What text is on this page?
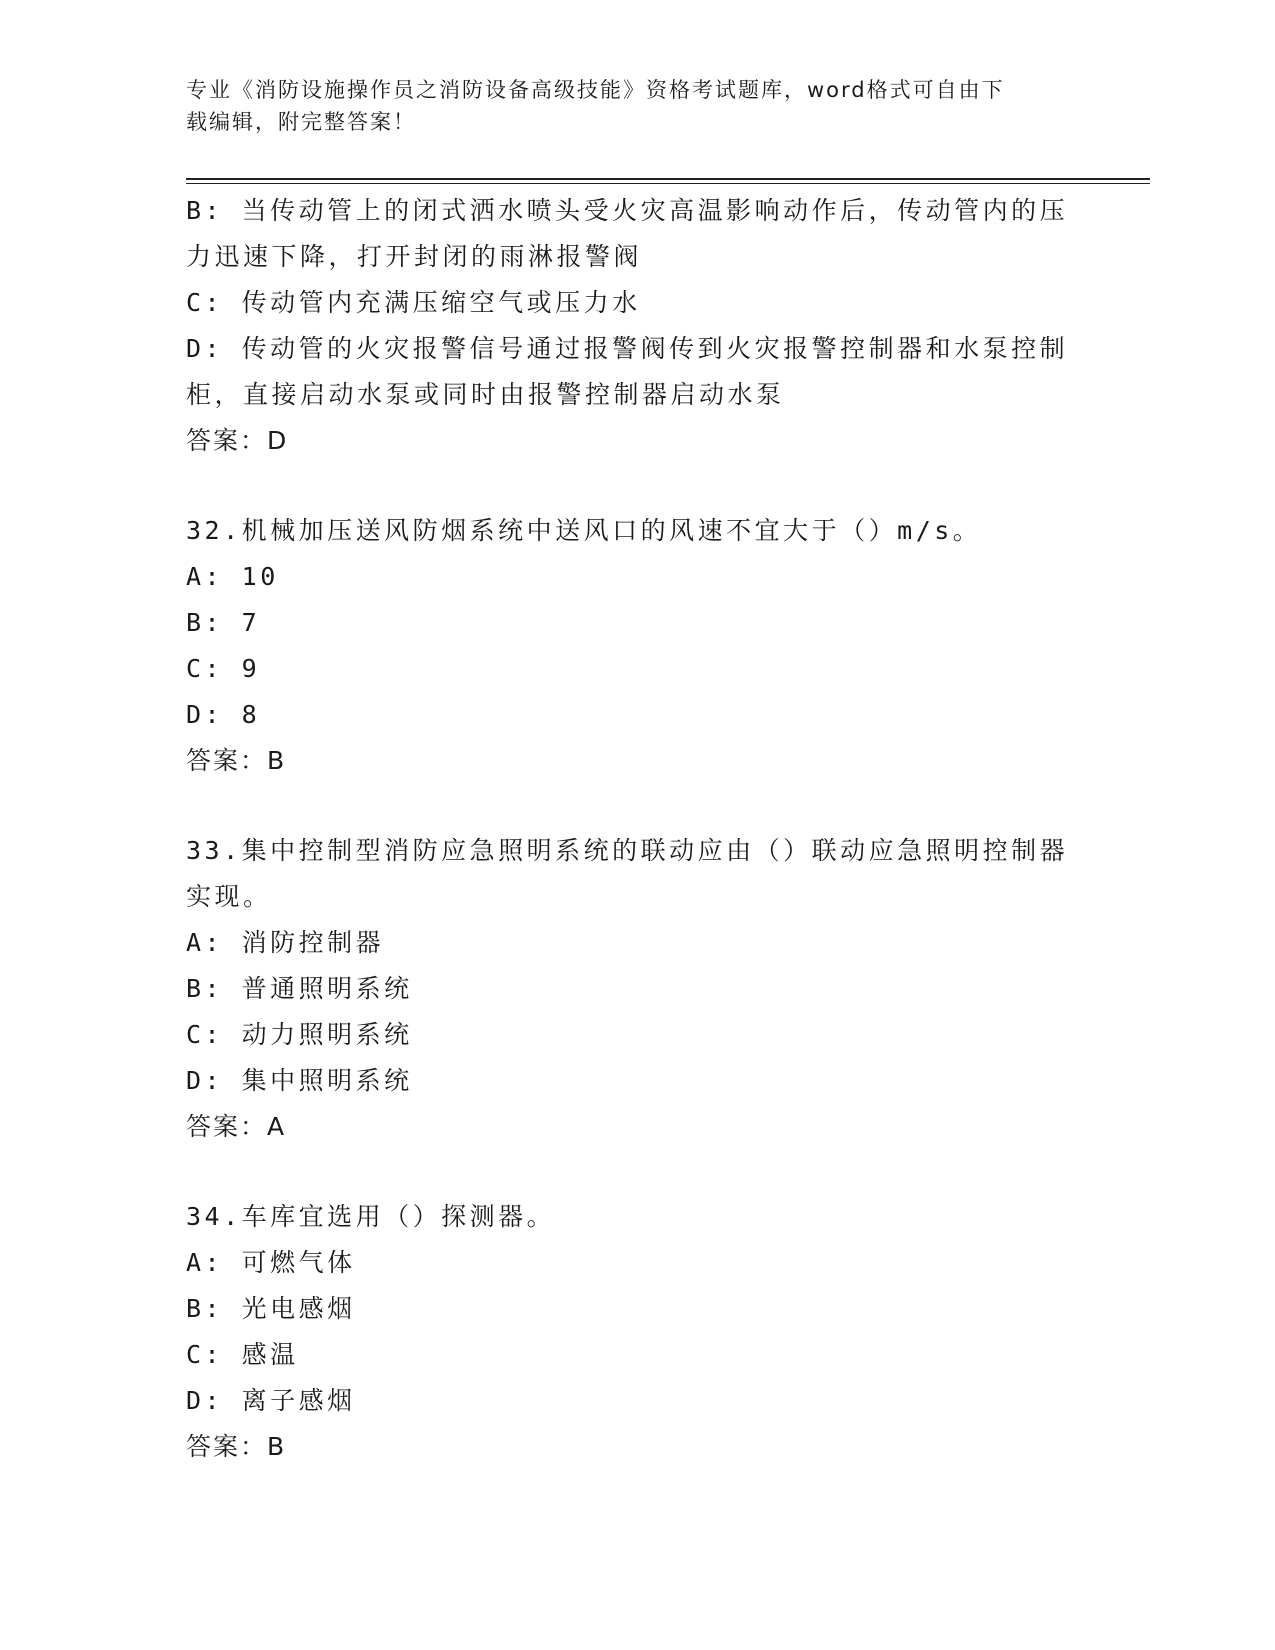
专业《消防设施操作员之消防设备高级技能》资格考试题库，word格式可自由下
载编辑，附完整答案！
B: 当传动管上的闭式洒水喷头受火灾高温影响动作后，传动管内的压
力迅速下降，打开封闭的雨淋报警阀
C: 传动管内充满压缩空气或压力水
D: 传动管的火灾报警信号通过报警阀传到火灾报警控制器和水泵控制
柜，直接启动水泵或同时由报警控制器启动水泵
答案：D
32.机械加压送风防烟系统中送风口的风速不宜大于（）m/s。
A: 10
B: 7
C: 9
D: 8
答案：B
33.集中控制型消防应急照明系统的联动应由（）联动应急照明控制器
实现。
A: 消防控制器
B: 普通照明系统
C: 动力照明系统
D: 集中照明系统
答案：A
34.车库宜选用（）探测器。
A: 可燃气体
B: 光电感烟
C: 感温
D: 离子感烟
答案：B
